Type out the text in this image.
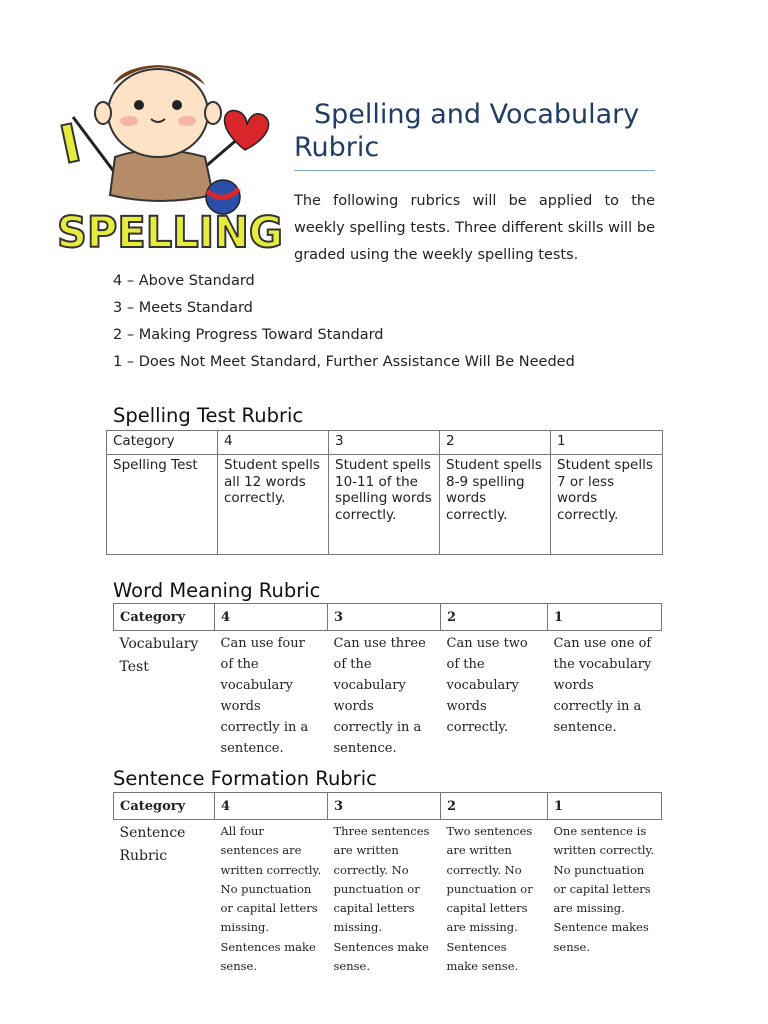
I
SPELLING
Spelling and Vocabulary
Rubric

The following rubrics will be applied to the weekly spelling tests. Three different skills will be graded using the weekly spelling tests.

4 – Above Standard
3 – Meets Standard
2 – Making Progress Toward Standard
1 – Does Not Meet Standard, Further Assistance Will Be Needed
Spelling Test Rubric
Category	4	3	2	1
Spelling Test	Student spells all 12 words correctly.	Student spells 10-11 of the spelling words correctly.	Student spells 8-9 spelling words correctly.	Student spells 7 or less words correctly.
Word Meaning Rubric
Category	4	3	2	1
Vocabulary Test	Can use four of the vocabulary words correctly in a sentence.	Can use three of the vocabulary words correctly in a sentence.	Can use two of the vocabulary words correctly.	Can use one of the vocabulary words correctly in a sentence.
Sentence Formation Rubric
Category	4	3	2	1
Sentence Rubric	All four sentences are written correctly. No punctuation or capital letters missing. Sentences make sense.	Three sentences are written correctly. No punctuation or capital letters missing. Sentences make sense.	Two sentences are written correctly. No punctuation or capital letters are missing. Sentences make sense.	One sentence is written correctly. No punctuation or capital letters are missing. Sentence makes sense.
